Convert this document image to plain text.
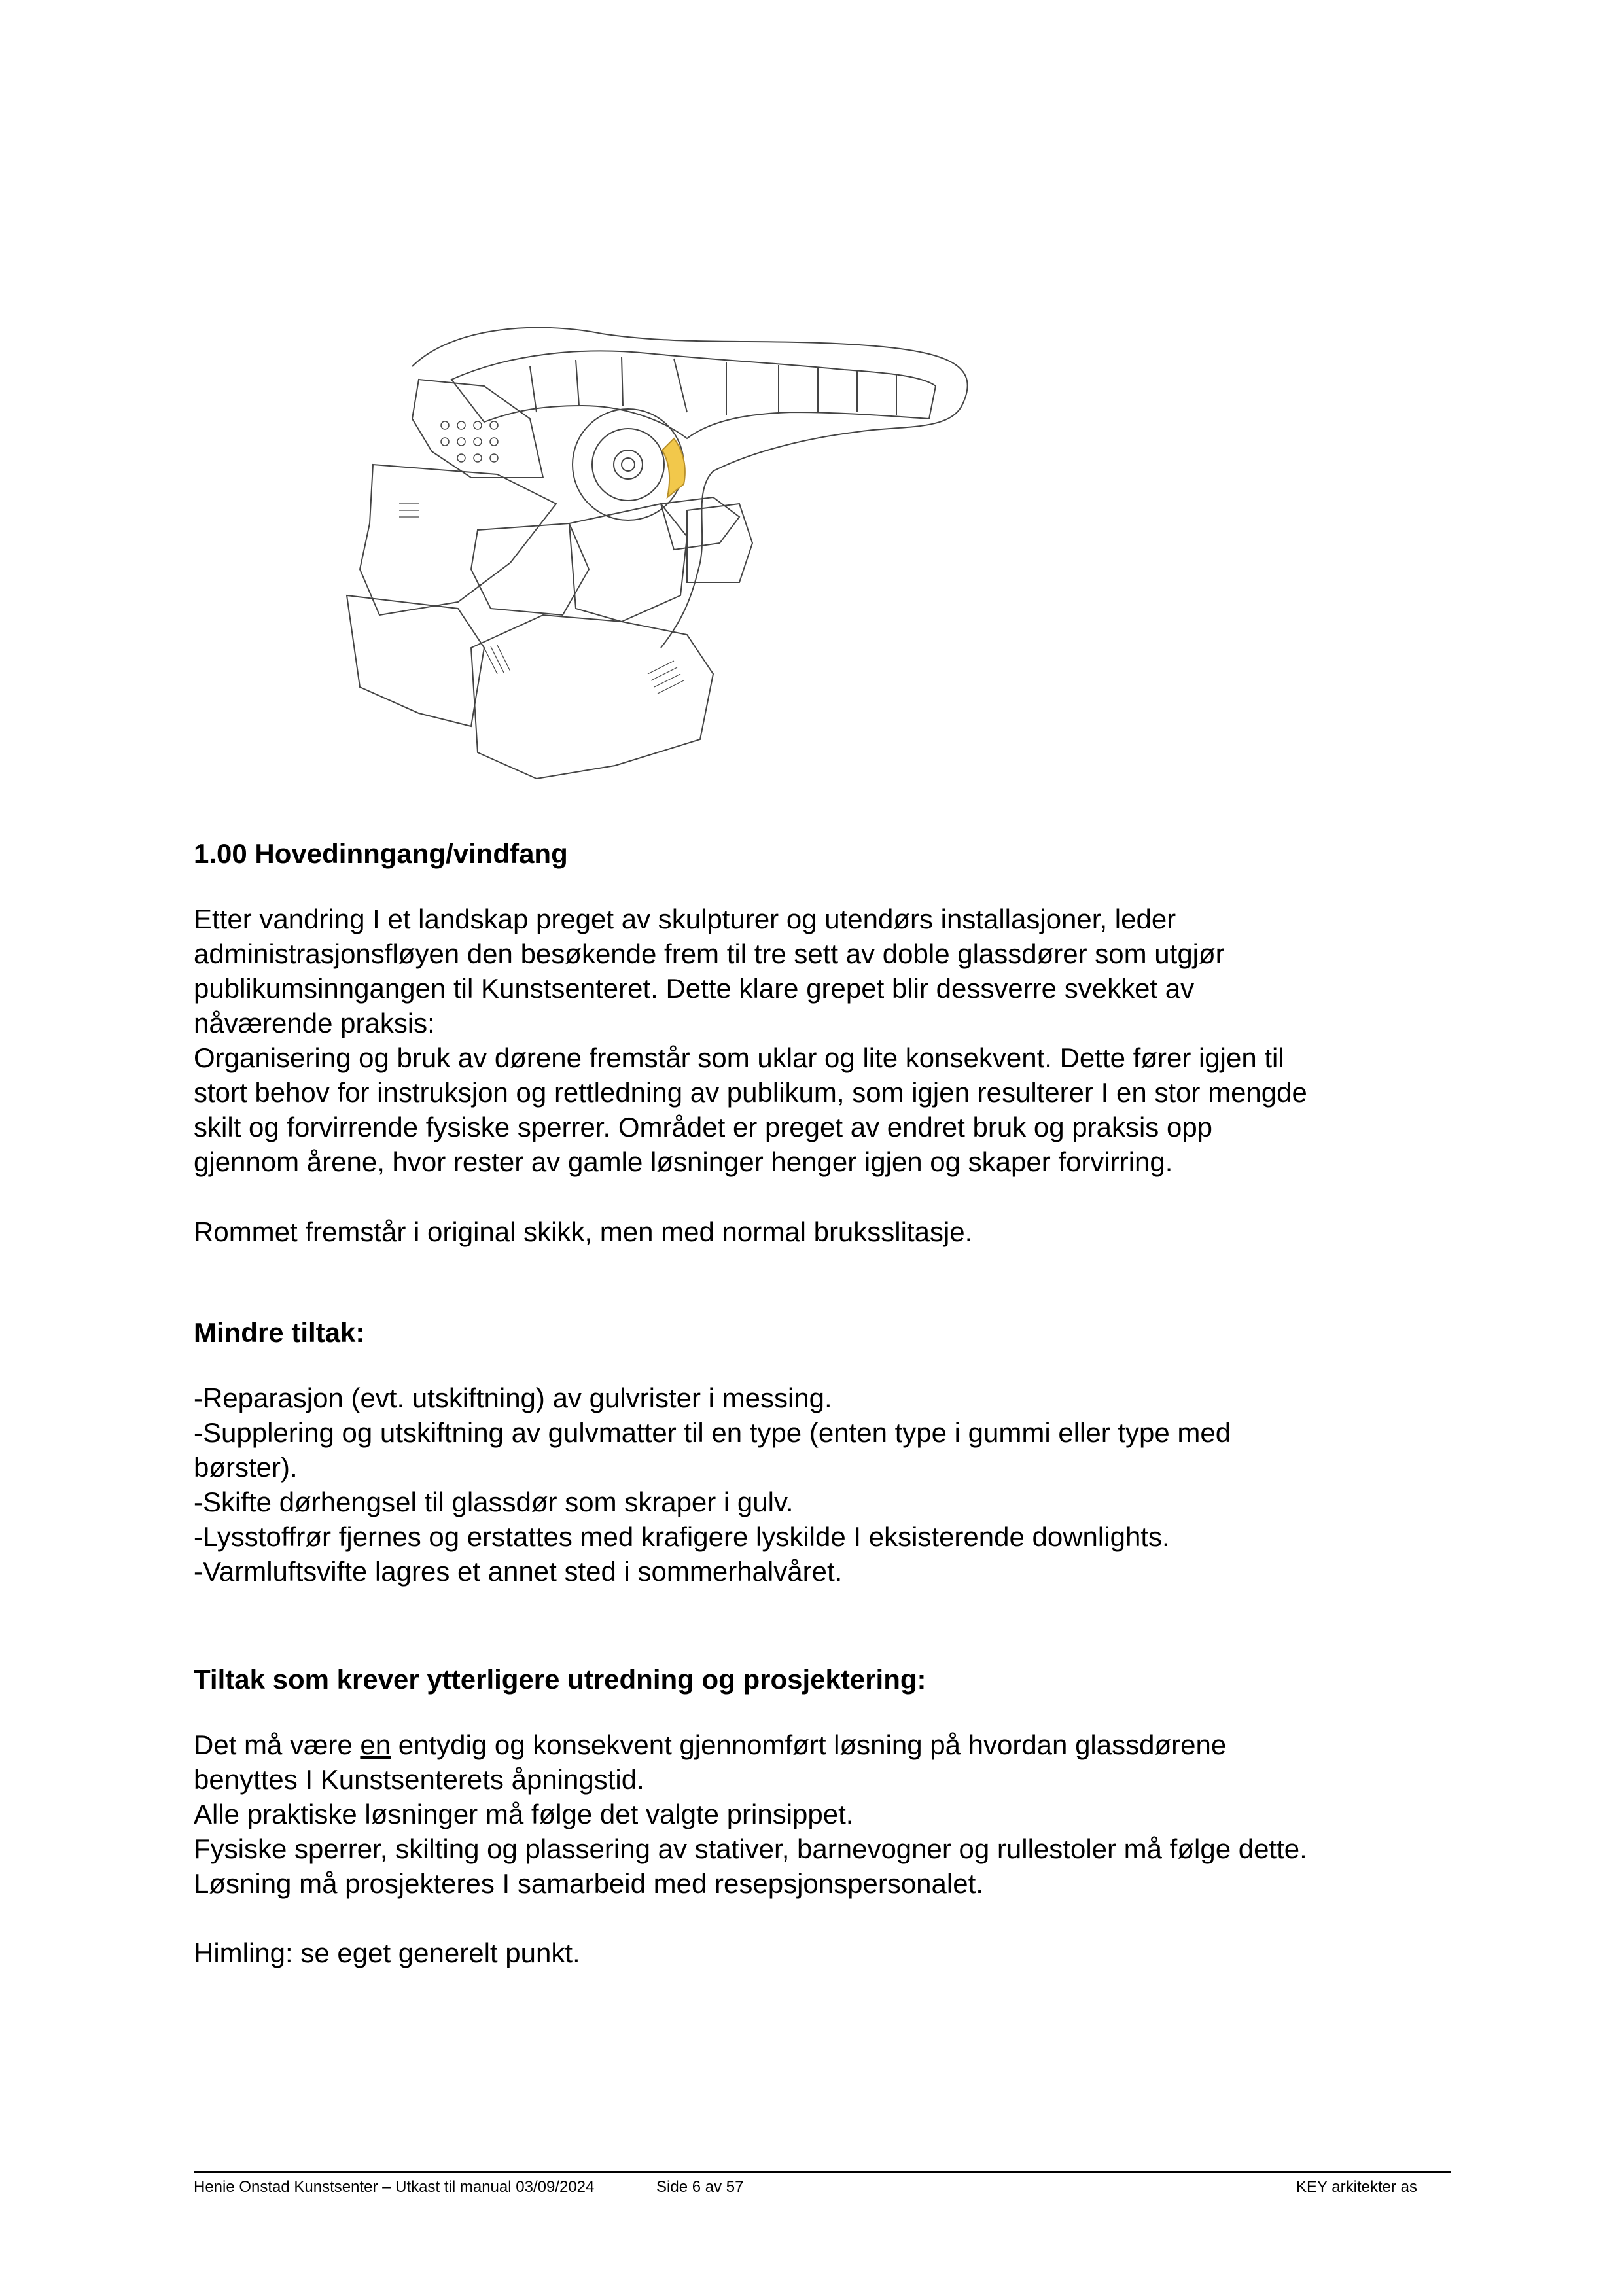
1.00 Hovedinngang/vindfang

Etter vandring I et landskap preget av skulpturer og utendørs installasjoner, leder

administrasjonsfløyen den besøkende frem til tre sett av doble glassdører som utgjør

publikumsinngangen til Kunstsenteret. Dette klare grepet blir dessverre svekket av

nåværende praksis:

Organisering og bruk av dørene fremstår som uklar og lite konsekvent. Dette fører igjen til

stort behov for instruksjon og rettledning av publikum, som igjen resulterer I en stor mengde

skilt og forvirrende fysiske sperrer. Området er preget av endret bruk og praksis opp

gjennom årene, hvor rester av gamle løsninger henger igjen og skaper forvirring.

Rommet fremstår i original skikk, men med normal bruksslitasje.

Mindre tiltak:

-Reparasjon (evt. utskiftning) av gulvrister i messing.

-Supplering og utskiftning av gulvmatter til en type (enten type i gummi eller type med

børster).

-Skifte dørhengsel til glassdør som skraper i gulv.

-Lysstoffrør fjernes og erstattes med krafigere lyskilde I eksisterende downlights.

-Varmluftsvifte lagres et annet sted i sommerhalvåret.

Tiltak som krever ytterligere utredning og prosjektering:

Det må være en entydig og konsekvent gjennomført løsning på hvordan glassdørene

benyttes I Kunstsenterets åpningstid.

Alle praktiske løsninger må følge det valgte prinsippet.

Fysiske sperrer, skilting og plassering av stativer, barnevogner og rullestoler må følge dette.

Løsning må prosjekteres I samarbeid med resepsjonspersonalet.

Himling: se eget generelt punkt.

Henie Onstad Kunstsenter – Utkast til manual 03/09/2024	Side 6 av 57	KEY arkitekter as
